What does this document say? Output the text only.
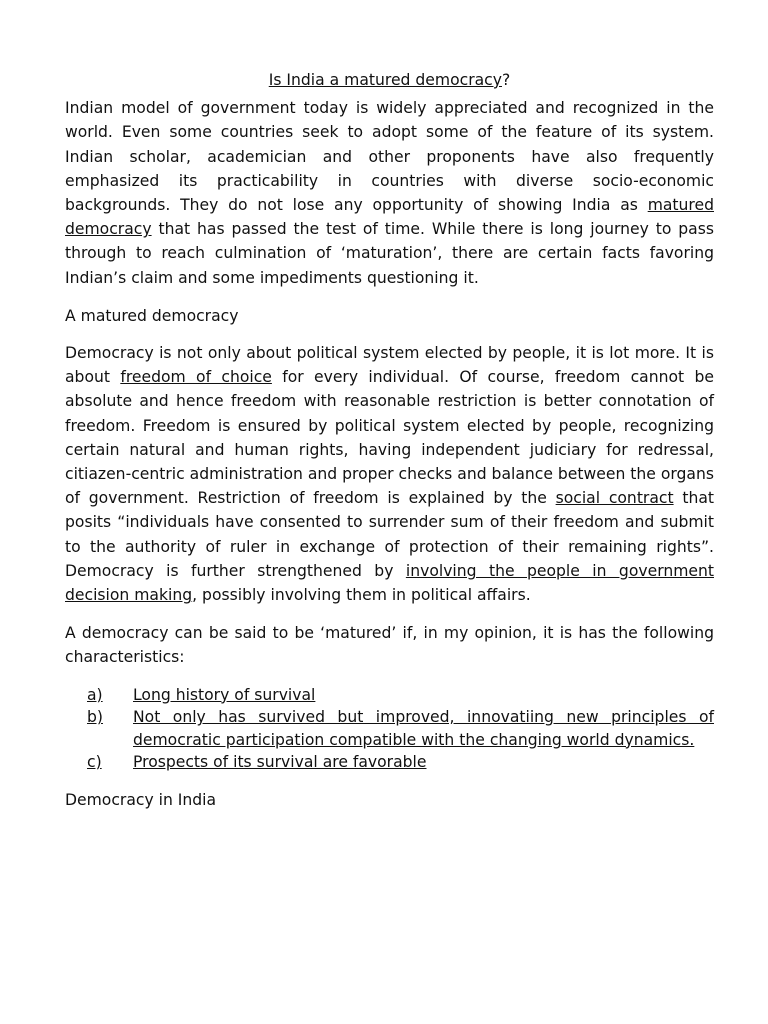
Is India a matured democracy?

Indian model of government today is widely appreciated and recognized in the world. Even some countries seek to adopt some of the feature of its system. Indian scholar, academician and other proponents have also frequently emphasized its practicability in countries with diverse socio-economic backgrounds. They do not lose any opportunity of showing India as matured democracy that has passed the test of time. While there is long journey to pass through to reach culmination of ‘maturation’, there are certain facts favoring Indian’s claim and some impediments questioning it.

A matured democracy

Democracy is not only about political system elected by people, it is lot more. It is about freedom of choice for every individual. Of course, freedom cannot be absolute and hence freedom with reasonable restriction is better connotation of freedom. Freedom is ensured by political system elected by people, recognizing certain natural and human rights, having independent judiciary for redressal, citiazen-centric administration and proper checks and balance between the organs of government. Restriction of freedom is explained by the social contract that posits “individuals have consented to surrender sum of their freedom and submit to the authority of ruler in exchange of protection of their remaining rights”. Democracy is further strengthened by involving the people in government decision making, possibly involving them in political affairs.

A democracy can be said to be ‘matured’ if, in my opinion, it is has the following characteristics:

a)	Long history of survival
b)	Not only has survived but improved, innovatiing new principles of democratic participation compatible with the changing world dynamics.
c)	Prospects of its survival are favorable

Democracy in India
